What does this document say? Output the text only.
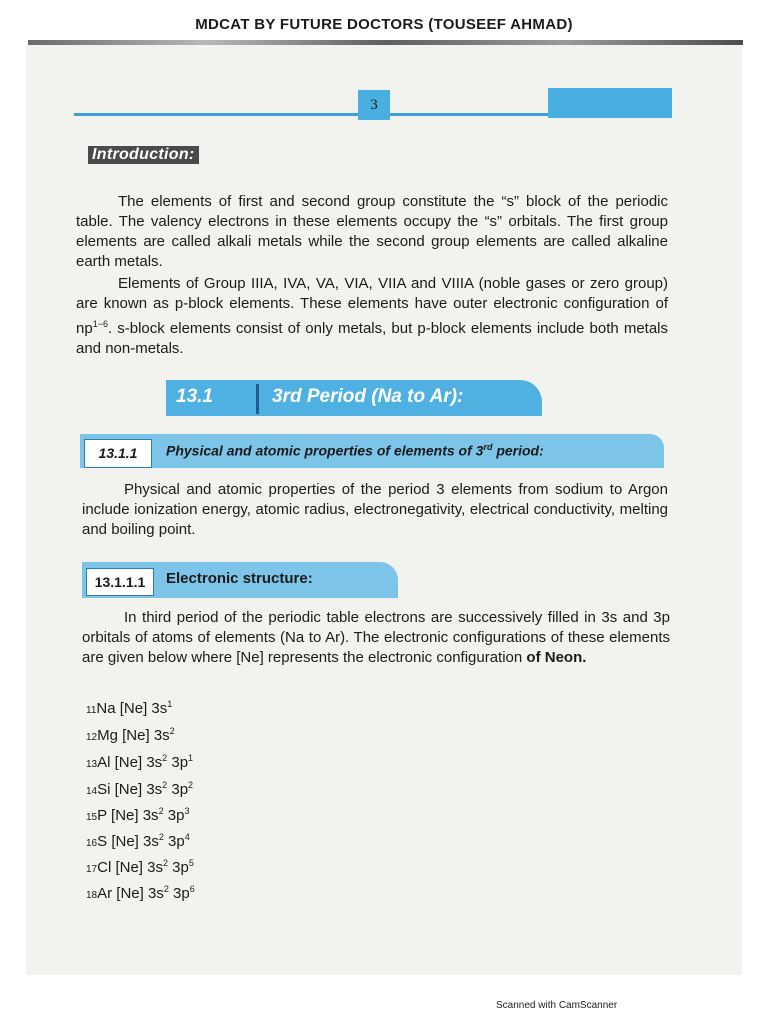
MDCAT BY FUTURE DOCTORS (TOUSEEF AHMAD)
3
Introduction:
The elements of first and second group constitute the “s” block of the periodic table. The valency electrons in these elements occupy the “s” orbitals. The first group elements are called alkali metals while the second group elements are called alkaline earth metals.
Elements of Group IIIA, IVA, VA, VIA, VIIA and VIIIA (noble gases or zero group) are known as p-block elements. These elements have outer electronic configuration of $np^{1-6}$. s-block elements consist of only metals, but p-block elements include both metals and non-metals.
13.1	3rd Period (Na to Ar):
13.1.1	Physical and atomic properties of elements of 3rd period:
Physical and atomic properties of the period 3 elements from sodium to Argon include ionization energy, atomic radius, electronegativity, electrical conductivity, melting and boiling point.
13.1.1.1	Electronic structure:
In third period of the periodic table electrons are successively filled in 3s and 3p orbitals of atoms of elements (Na to Ar). The electronic configurations of these elements are given below where [Ne] represents the electronic configuration of Neon.
11Na [Ne] $3s^1$
12Mg [Ne] $3s^2$
13Al [Ne] $3s^2$ $3p^1$
14Si [Ne] $3s^2$ $3p^2$
15P [Ne] $3s^2$ $3p^3$
16S [Ne] $3s^2$ $3p^4$
17Cl [Ne] $3s^2$ $3p^5$
18Ar [Ne] $3s^2$ $3p^6$
Scanned with CamScanner
